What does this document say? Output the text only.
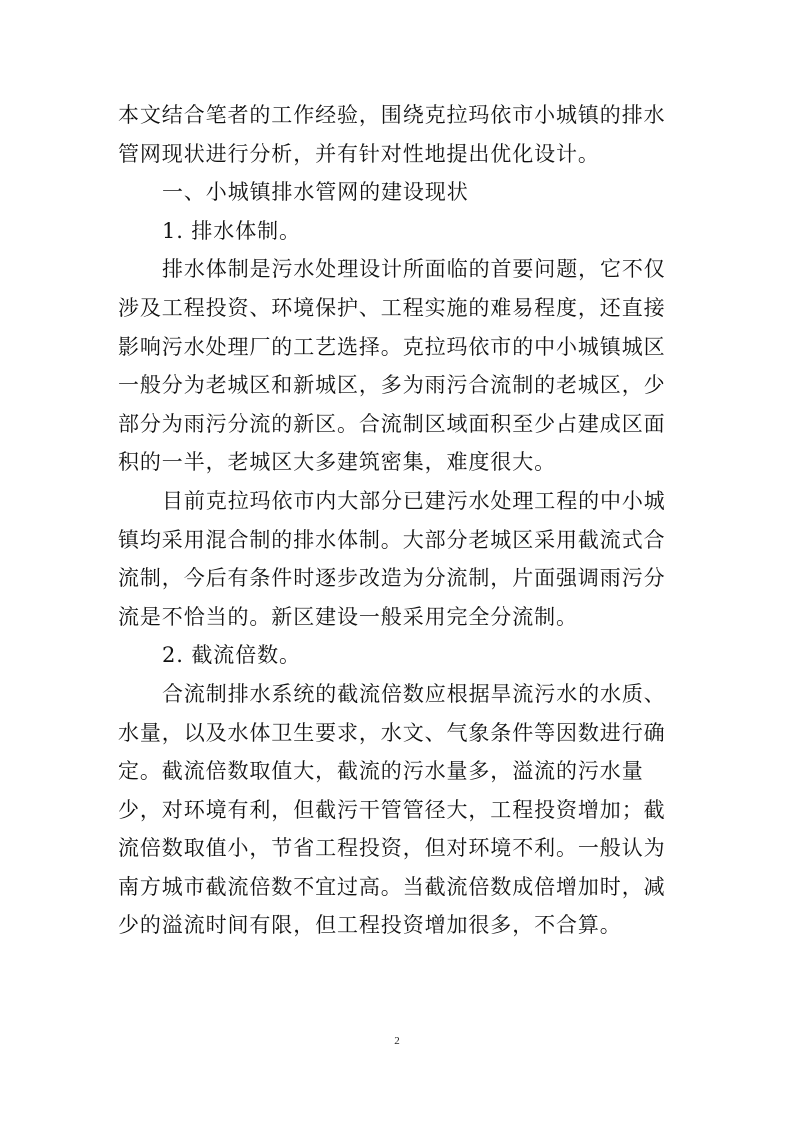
本文结合笔者的工作经验，围绕克拉玛依市小城镇的排水管网现状进行分析，并有针对性地提出优化设计。

一、小城镇排水管网的建设现状

1. 排水体制。

排水体制是污水处理设计所面临的首要问题，它不仅涉及工程投资、环境保护、工程实施的难易程度，还直接影响污水处理厂的工艺选择。克拉玛依市的中小城镇城区一般分为老城区和新城区，多为雨污合流制的老城区，少部分为雨污分流的新区。合流制区域面积至少占建成区面积的一半，老城区大多建筑密集，难度很大。

目前克拉玛依市内大部分已建污水处理工程的中小城镇均采用混合制的排水体制。大部分老城区采用截流式合流制，今后有条件时逐步改造为分流制，片面强调雨污分流是不恰当的。新区建设一般采用完全分流制。

2. 截流倍数。

合流制排水系统的截流倍数应根据旱流污水的水质、水量，以及水体卫生要求，水文、气象条件等因数进行确定。截流倍数取值大，截流的污水量多，溢流的污水量少，对环境有利，但截污干管管径大，工程投资增加；截流倍数取值小，节省工程投资，但对环境不利。一般认为南方城市截流倍数不宜过高。当截流倍数成倍增加时，减少的溢流时间有限，但工程投资增加很多，不合算。

2
